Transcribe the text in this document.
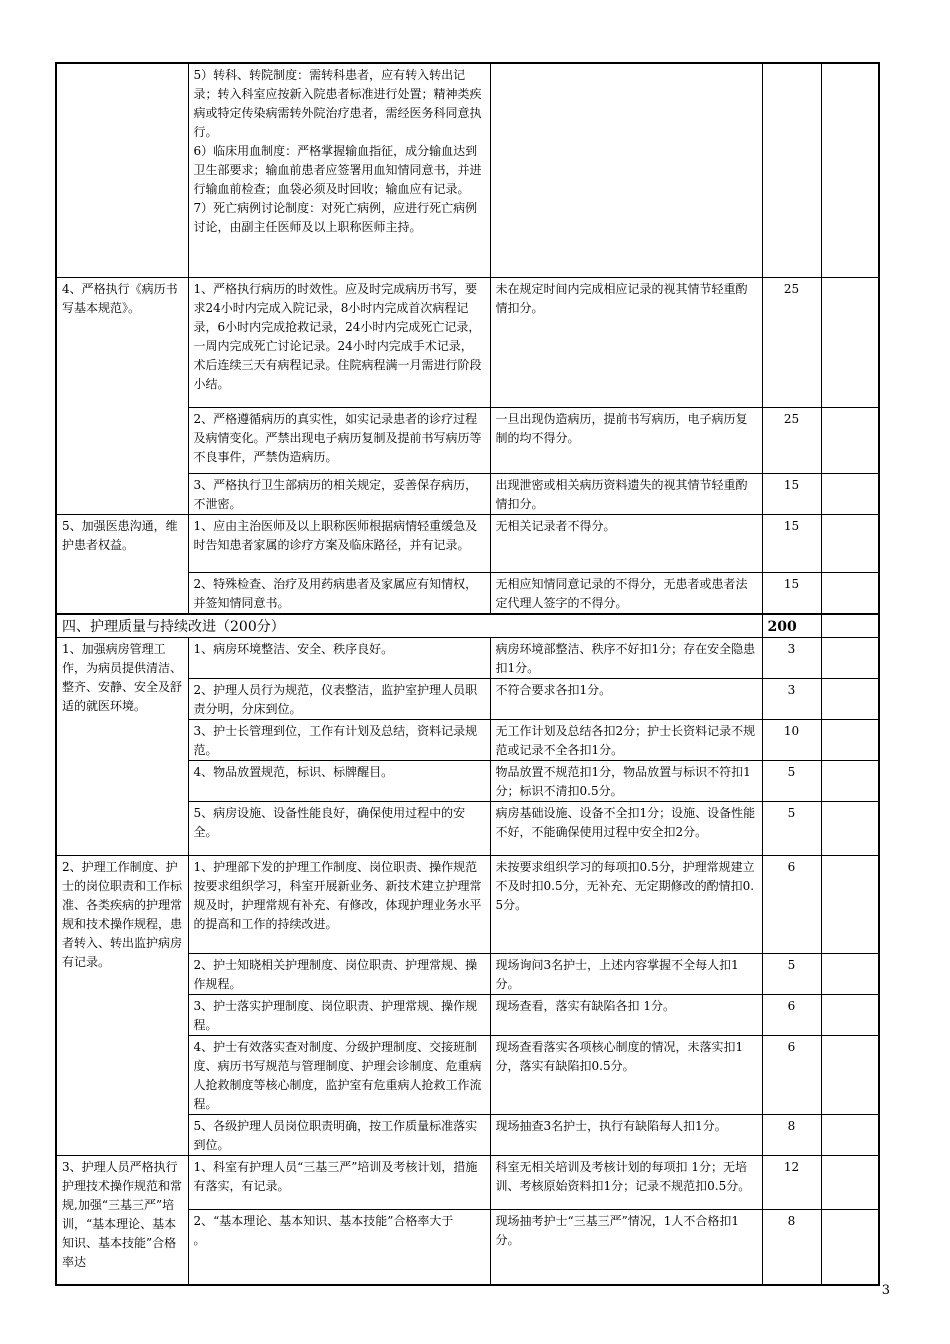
	5）转科、转院制度：需转科患者，应有转入转出记录；转入科室应按新入院患者标准进行处置；精神类疾病或特定传染病需转外院治疗患者，需经医务科同意执行。
6）临床用血制度：严格掌握输血指征，成分输血达到卫生部要求；输血前患者应签署用血知情同意书，并进行输血前检查；血袋必须及时回收；输血应有记录。
7）死亡病例讨论制度：对死亡病例，应进行死亡病例讨论，由副主任医师及以上职称医师主持。			
4、严格执行《病历书写基本规范》。	1、严格执行病历的时效性。应及时完成病历书写，要求24小时内完成入院记录，8小时内完成首次病程记录，6小时内完成抢救记录，24小时内完成死亡记录，一周内完成死亡讨论记录。24小时内完成手术记录，术后连续三天有病程记录。住院病程满一月需进行阶段小结。	未在规定时间内完成相应记录的视其情节轻重酌情扣分。	25	
	2、严格遵循病历的真实性，如实记录患者的诊疗过程及病情变化。严禁出现电子病历复制及提前书写病历等不良事件，严禁伪造病历。	一旦出现伪造病历，提前书写病历，电子病历复制的均不得分。	25	
	3、严格执行卫生部病历的相关规定，妥善保存病历，不泄密。	出现泄密或相关病历资料遗失的视其情节轻重酌情扣分。	15	
5、加强医患沟通，维护患者权益。	1、应由主治医师及以上职称医师根据病情轻重缓急及时告知患者家属的诊疗方案及临床路径，并有记录。	无相关记录者不得分。	15	
	2、特殊检查、治疗及用药病患者及家属应有知情权，并签知情同意书。	无相应知情同意记录的不得分，无患者或患者法定代理人签字的不得分。	15	
四、护理质量与持续改进（200分）			200	
1、加强病房管理工作，为病员提供清洁、整齐、安静、安全及舒适的就医环境。	1、病房环境整洁、安全、秩序良好。	病房环境部整洁、秩序不好扣1分；存在安全隐患扣1分。	3	
	2、护理人员行为规范，仪表整洁，监护室护理人员职责分明，分床到位。	不符合要求各扣1分。	3	
	3、护士长管理到位，工作有计划及总结，资料记录规范。	无工作计划及总结各扣2分；护士长资料记录不规范或记录不全各扣1分。	10	
	4、物品放置规范，标识、标牌醒目。	物品放置不规范扣1分，物品放置与标识不符扣1分；标识不清扣0.5分。	5	
	5、病房设施、设备性能良好，确保使用过程中的安全。	病房基础设施、设备不全扣1分；设施、设备性能不好，不能确保使用过程中安全扣2分。	5	
2、护理工作制度、护士的岗位职责和工作标准、各类疾病的护理常规和技术操作规程，患者转入、转出监护病房有记录。	1、护理部下发的护理工作制度、岗位职责、操作规范按要求组织学习，科室开展新业务、新技术建立护理常规及时，护理常规有补充、有修改，体现护理业务水平的提高和工作的持续改进。	未按要求组织学习的每项扣0.5分，护理常规建立不及时扣0.5分，无补充、无定期修改的酌情扣0.5分。	6	
	2、护士知晓相关护理制度、岗位职责、护理常规、操作规程。	现场询问3名护士，上述内容掌握不全每人扣1分。	5	
	3、护士落实护理制度、岗位职责、护理常规、操作规程。	现场查看，落实有缺陷各扣 1分。	6	
	4、护士有效落实查对制度、分级护理制度、交接班制度、病历书写规范与管理制度、护理会诊制度、危重病人抢救制度等核心制度，监护室有危重病人抢救工作流程。	现场查看落实各项核心制度的情况，未落实扣1分，落实有缺陷扣0.5分。	6	
	5、各级护理人员岗位职责明确，按工作质量标准落实到位。	现场抽查3名护士，执行有缺陷每人扣1分。	8	
3、护理人员严格执行护理技术操作规范和常规,加强“三基三严”培训，“基本理论、基本知识、基本技能”合格率达	1、科室有护理人员“三基三严”培训及考核计划，措施有落实，有记录。	科室无相关培训及考核计划的每项扣 1分；无培训、考核原始资料扣1分；记录不规范扣0.5分。	12	
	2、“基本理论、基本知识、基本技能”合格率大于　　。	现场抽考护士“三基三严”情况，1人不合格扣1分。	8	
3
